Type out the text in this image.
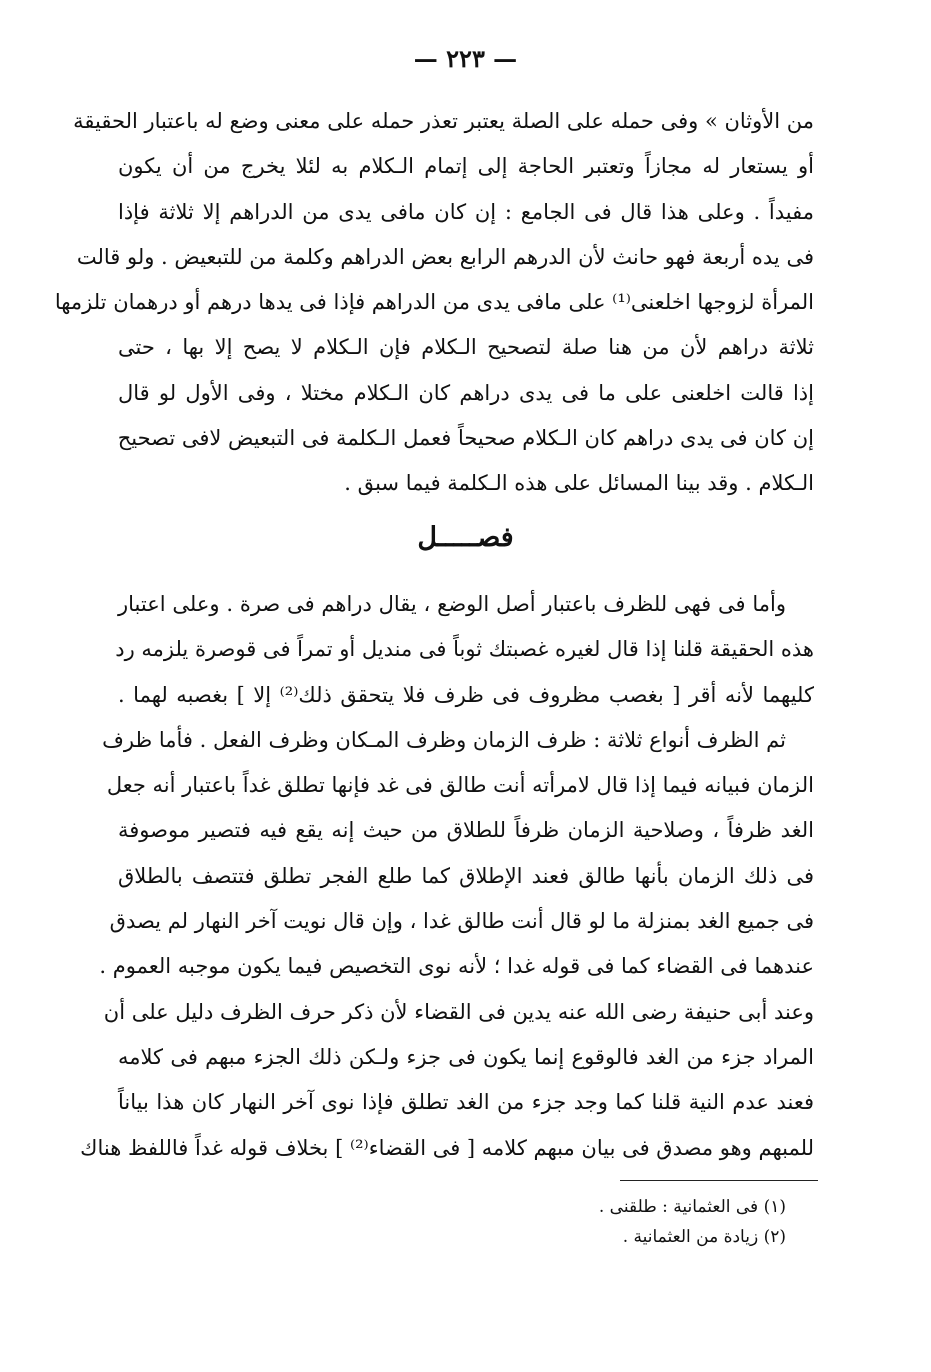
— ٢٢٣ —
من الأوثان » وفى حمله على الصلة يعتبر تعذر حمله على معنى وضع له باعتبار الحقيقة
أو يستعار له مجازاً وتعتبر الحاجة إلى إتمام الـكلام به لئلا يخرج من أن يكون
مفيداً . وعلى هذا قال فى الجامع : إن كان مافى يدى من الدراهم إلا ثلاثة فإذا
فى يده أربعة فهو حانث لأن الدرهم الرابع بعض الدراهم وكلمة من للتبعيض . ولو قالت
المرأة لزوجها اخلعنى⁽¹⁾ على مافى يدى من الدراهم فإذا فى يدها درهم أو درهمان تلزمها
ثلاثة دراهم لأن من هنا صلة لتصحيح الـكلام فإن الـكلام لا يصح إلا بها ، حتى
إذا قالت اخلعنى على ما فى يدى دراهم كان الـكلام مختلا ، وفى الأول لو قال
إن كان فى يدى دراهم كان الـكلام صحيحاً فعمل الـكلمة فى التبعيض لافى تصحيح
الـكلام . وقد بينا المسائل على هذه الـكلمة فيما سبق .
فصـــــل
وأما فى فهى للظرف باعتبار أصل الوضع ، يقال دراهم فى صرة . وعلى اعتبار
هذه الحقيقة قلنا إذا قال لغيره غصبتك ثوباً فى منديل أو تمراً فى قوصرة يلزمه رد
كليهما لأنه أقر [ بغصب مظروف فى ظرف فلا يتحقق ذلك⁽²⁾ إلا ] بغصبه لهما .
ثم الظرف أنواع ثلاثة : ظرف الزمان وظرف المـكان وظرف الفعل . فأما ظرف
الزمان فبيانه فيما إذا قال لامرأته أنت طالق فى غد فإنها تطلق غداً باعتبار أنه جعل
الغد ظرفاً ، وصلاحية الزمان ظرفاً للطلاق من حيث إنه يقع فيه فتصير موصوفة
فى ذلك الزمان بأنها طالق فعند الإطلاق كما طلع الفجر تطلق فتتصف بالطلاق
فى جميع الغد بمنزلة ما لو قال أنت طالق غدا ، وإن قال نويت آخر النهار لم يصدق
عندهما فى القضاء كما فى قوله غدا ؛ لأنه نوى التخصيص فيما يكون موجبه العموم .
وعند أبى حنيفة رضى الله عنه يدين فى القضاء لأن ذكر حرف الظرف دليل على أن
المراد جزء من الغد فالوقوع إنما يكون فى جزء ولـكن ذلك الجزء مبهم فى كلامه
فعند عدم النية قلنا كما وجد جزء من الغد تطلق فإذا نوى آخر النهار كان هذا بياناً
للمبهم وهو مصدق فى بيان مبهم كلامه [ فى القضاء⁽²⁾ ] بخلاف قوله غداً فاللفظ هناك
(١) فى العثمانية : طلقنى .
(٢) زيادة من العثمانية .
